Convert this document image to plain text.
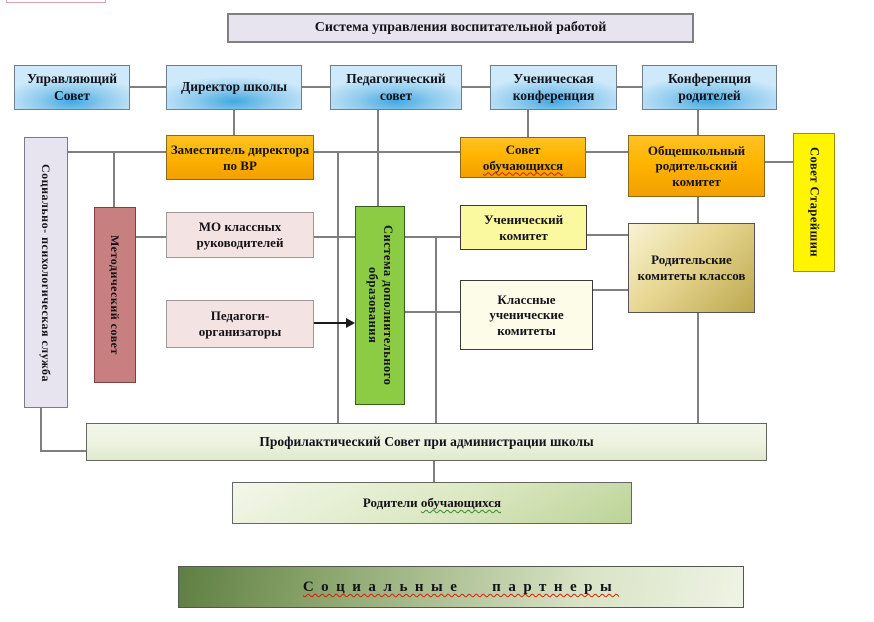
Система управления воспитательной работой
Управляющий Совет
Директор школы
Педагогический совет
Ученическая конференция
Конференция родителей
Социально- психологическая служба	Методический совет	Система дополнительного образования
Совет Старейшин
Заместитель директора по ВР
Совет обучающихся
Общешкольный родительский комитет
МО классных руководителей
Педагоги-организаторы
Ученический комитет
Классные ученические комитеты
Родительские комитеты классов
Профилактический Совет при администрации школы
Родители обучающихся
Социальные партнеры
